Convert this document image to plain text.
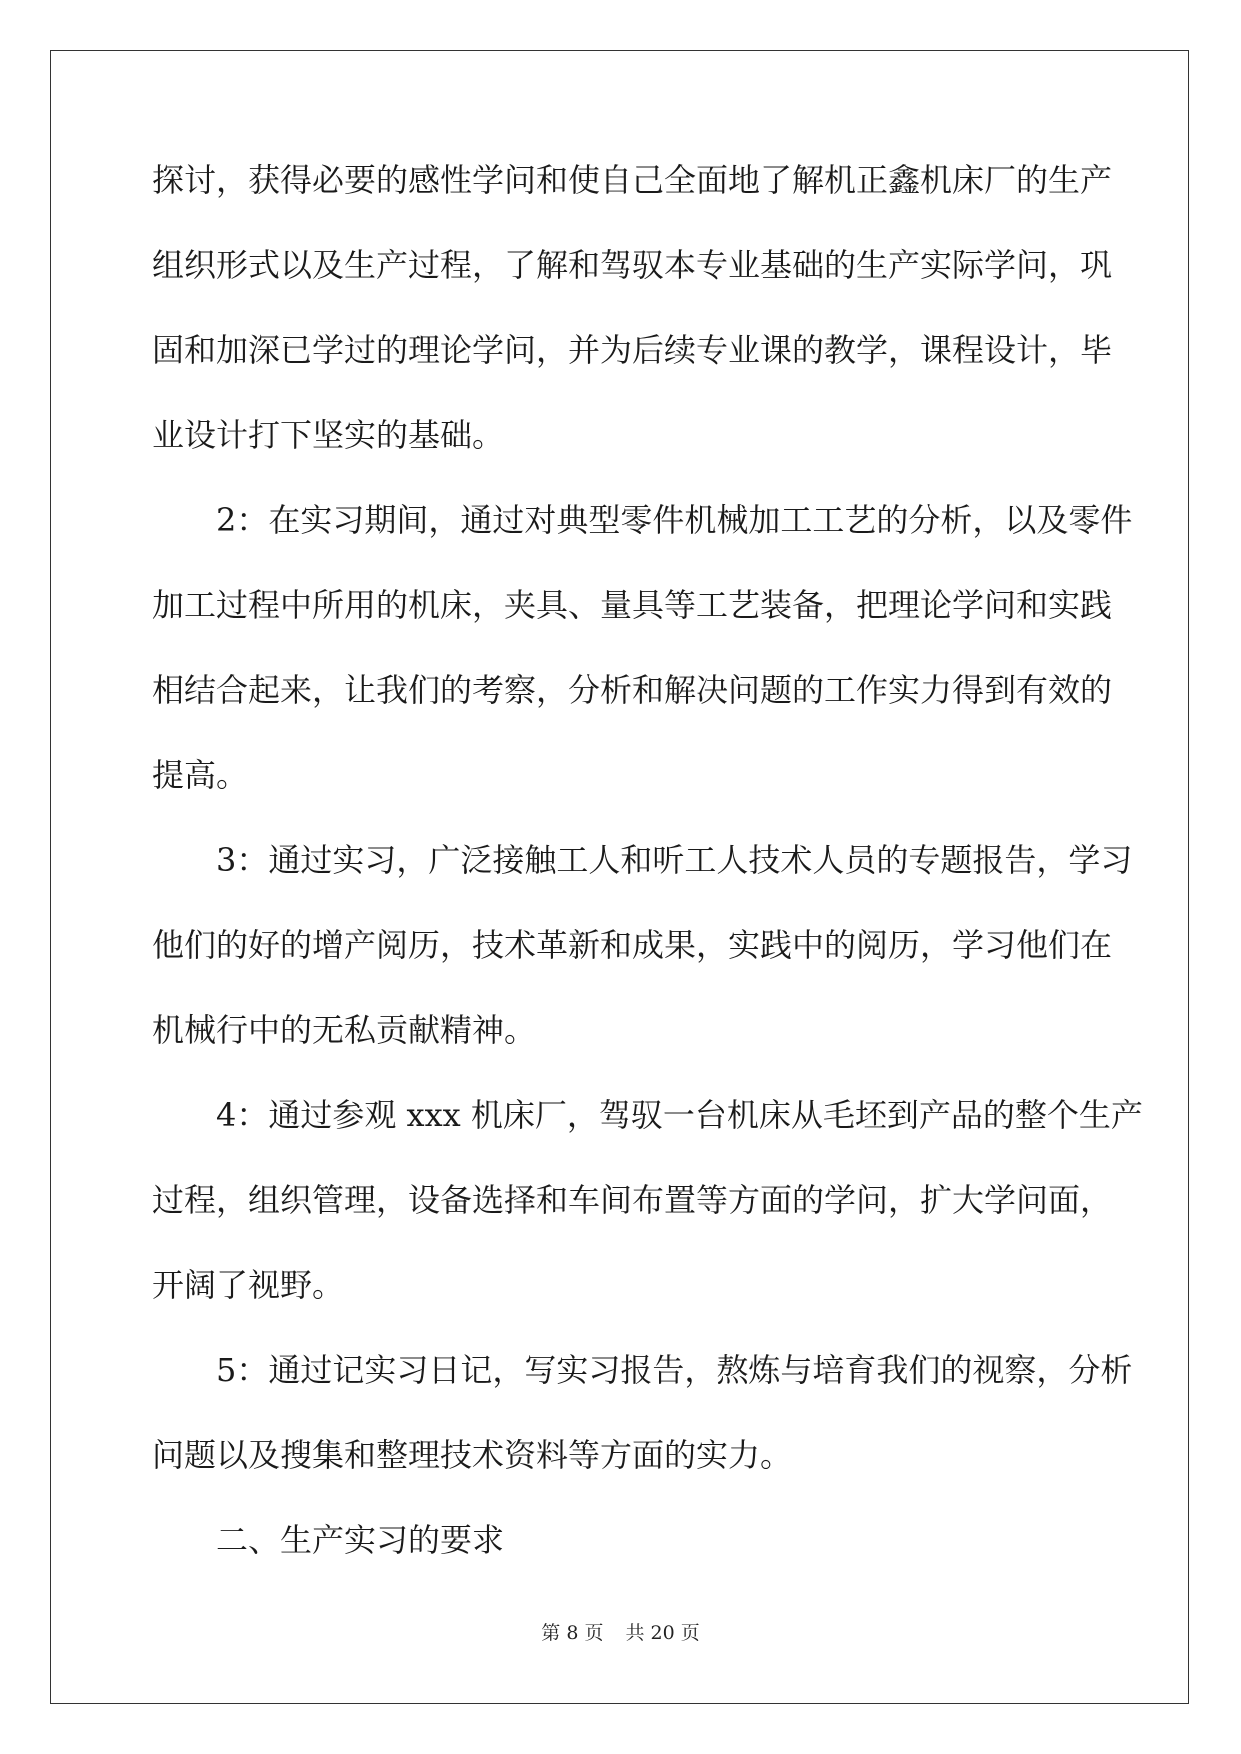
探讨，获得必要的感性学问和使自己全面地了解机正鑫机床厂的生产
组织形式以及生产过程，了解和驾驭本专业基础的生产实际学问，巩
固和加深已学过的理论学问，并为后续专业课的教学，课程设计，毕
业设计打下坚实的基础。
2：在实习期间，通过对典型零件机械加工工艺的分析，以及零件
加工过程中所用的机床，夹具、量具等工艺装备，把理论学问和实践
相结合起来，让我们的考察，分析和解决问题的工作实力得到有效的
提高。
3：通过实习，广泛接触工人和听工人技术人员的专题报告，学习
他们的好的增产阅历，技术革新和成果，实践中的阅历，学习他们在
机械行中的无私贡献精神。
4：通过参观 xxx 机床厂，驾驭一台机床从毛坯到产品的整个生产
过程，组织管理，设备选择和车间布置等方面的学问，扩大学问面，
开阔了视野。
5：通过记实习日记，写实习报告，熬炼与培育我们的视察，分析
问题以及搜集和整理技术资料等方面的实力。
二、生产实习的要求
第 8 页 共 20 页
